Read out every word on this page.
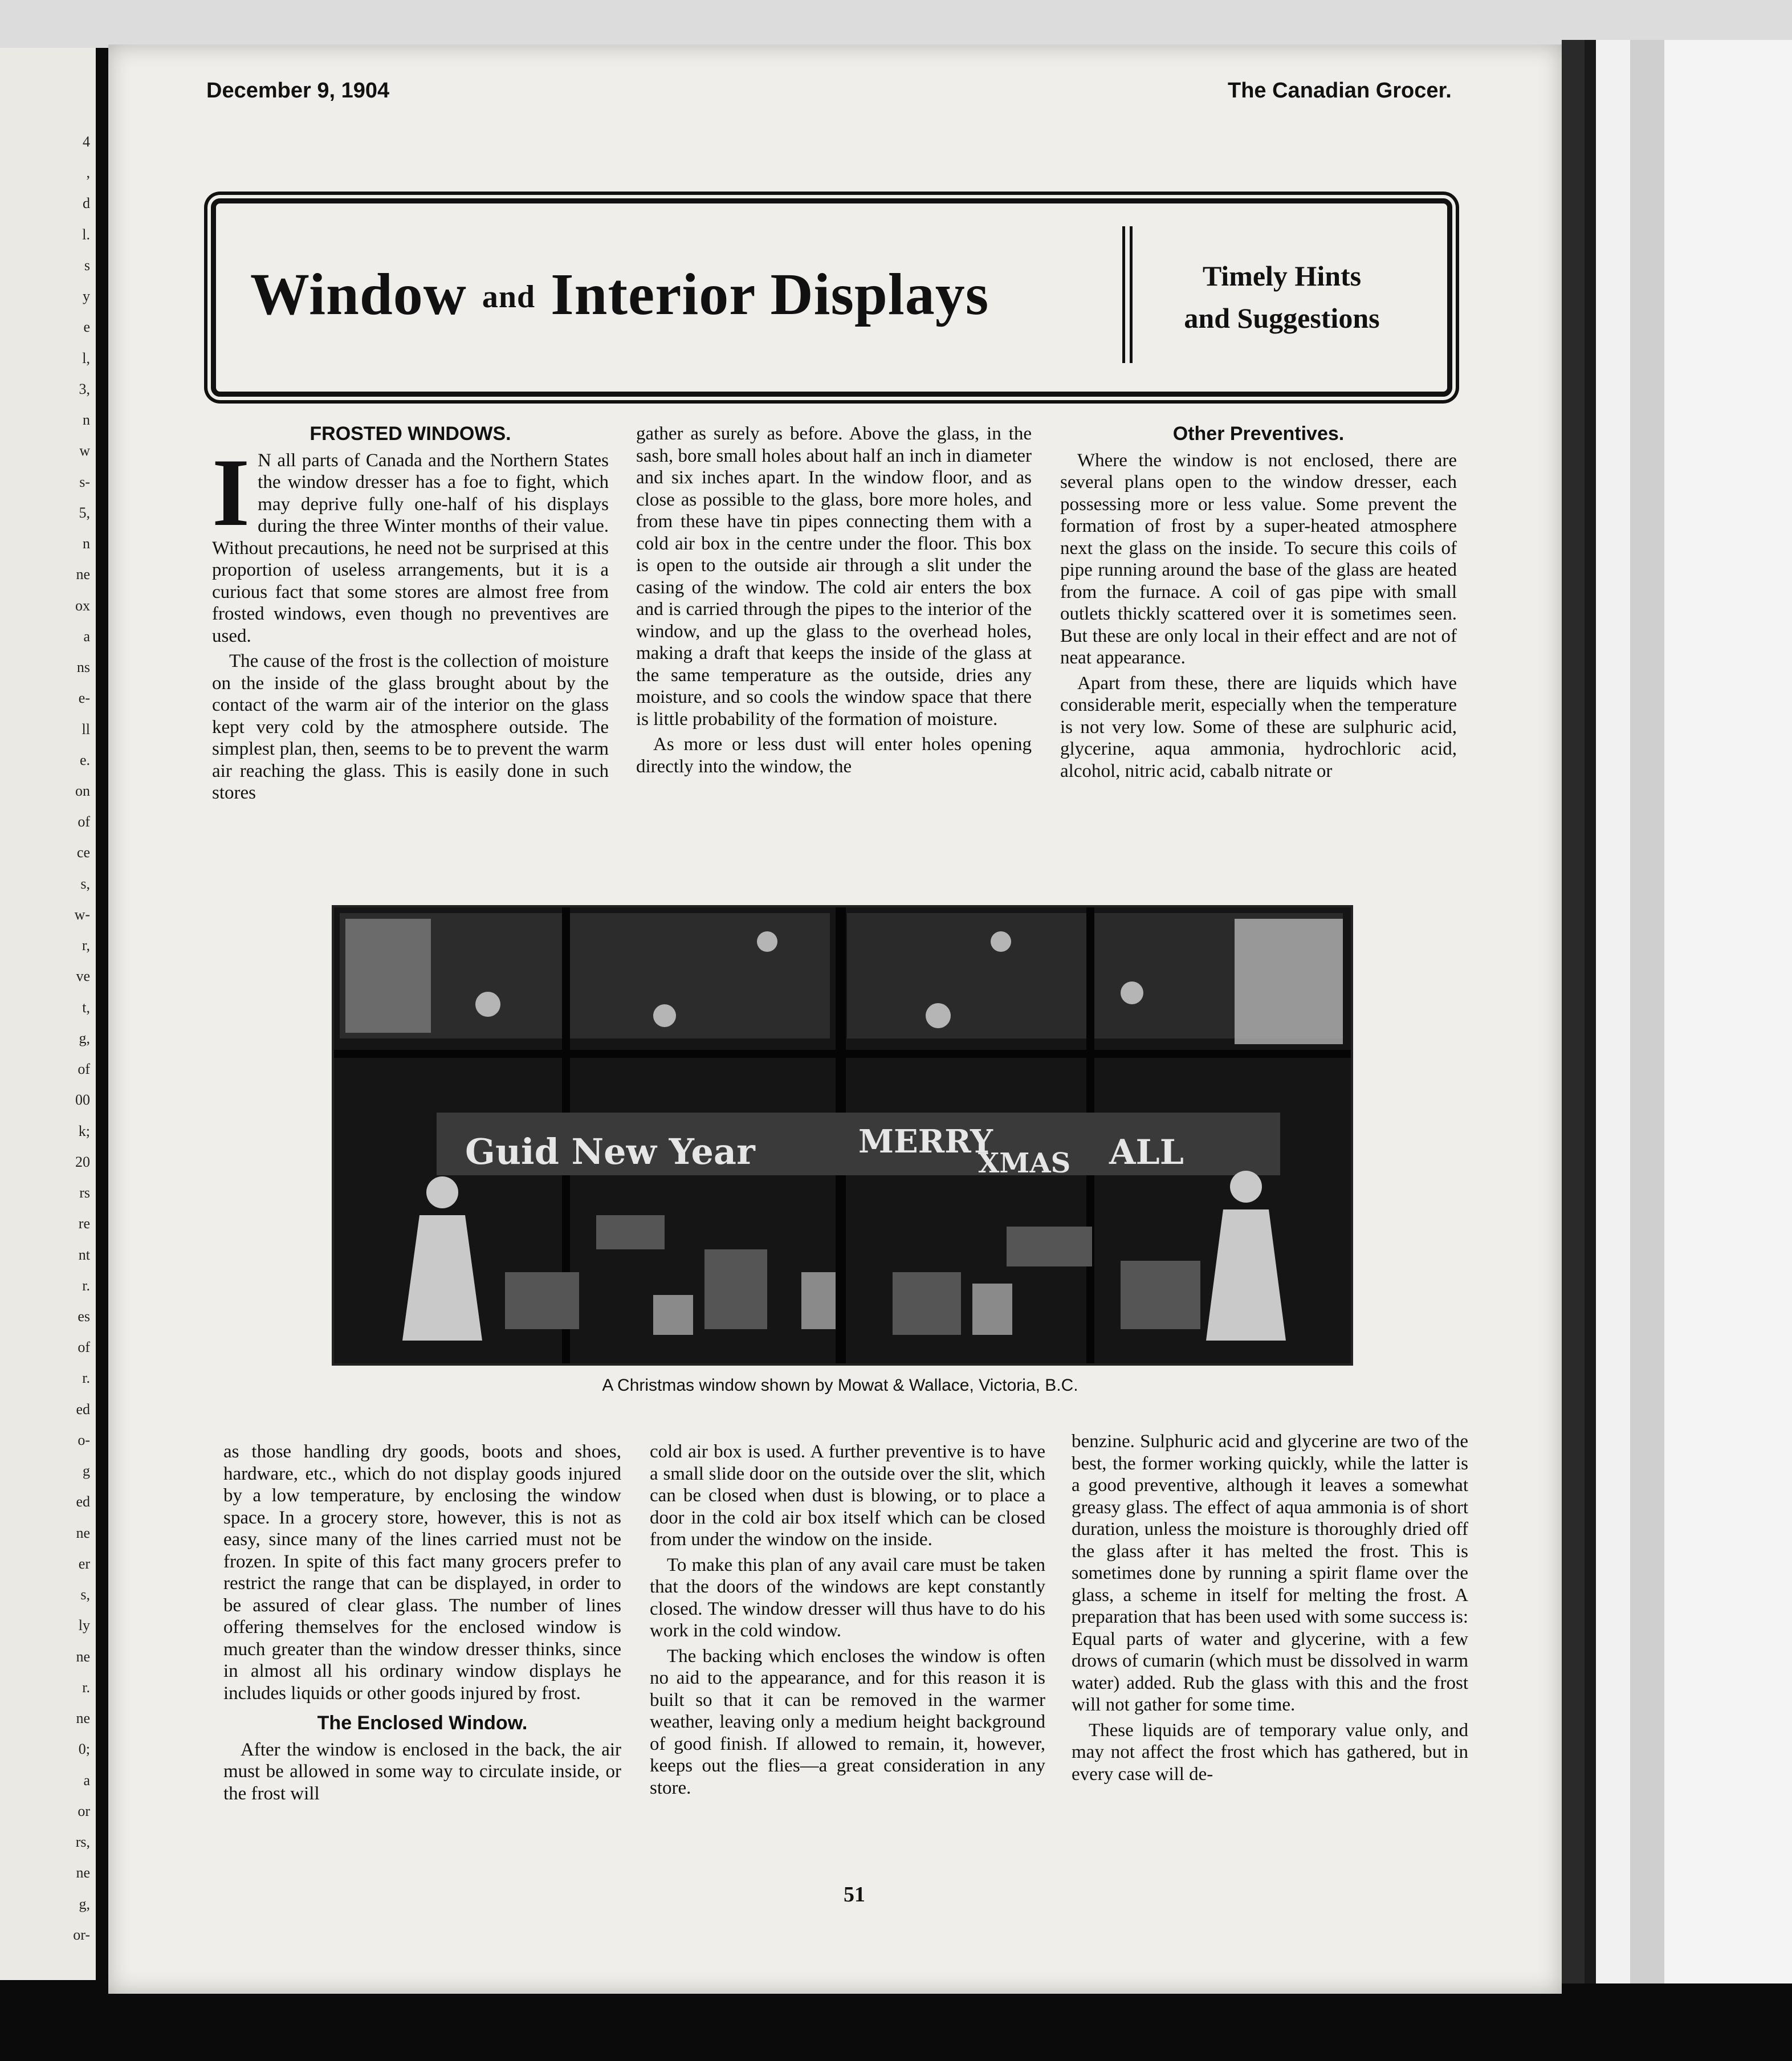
4
,
d
l.
s
y
e
l,
3,
n
w
s-
5,
n
ne
ox
a
ns
e-
ll
e.
on
of
ce
s,
w-
r,
ve
t,
g,
of
00
k;
20
rs
re
nt
r.
es
of
r.
ed
o-
g
ed
ne
er
s,
ly
ne
r.
ne
0;
a
or
rs,
ne
g,
or-
December 9, 1904	The Canadian Grocer.
Window and Interior Displays	Timely Hints
and Suggestions
FROSTED WINDOWS.

I N all parts of Canada and the Northern States the window dresser has a foe to fight, which may deprive fully one-half of his displays during the three Winter months of their value. Without precautions, he need not be surprised at this proportion of useless arrangements, but it is a curious fact that some stores are almost free from frosted windows, even though no preventives are used.

The cause of the frost is the collection of moisture on the inside of the glass brought about by the contact of the warm air of the interior on the glass kept very cold by the atmosphere outside. The simplest plan, then, seems to be to prevent the warm air reaching the glass. This is easily done in such stores

gather as surely as before. Above the glass, in the sash, bore small holes about half an inch in diameter and six inches apart. In the window floor, and as close as possible to the glass, bore more holes, and from these have tin pipes connecting them with a cold air box in the centre under the floor. This box is open to the outside air through a slit under the casing of the window. The cold air enters the box and is carried through the pipes to the interior of the window, and up the glass to the overhead holes, making a draft that keeps the inside of the glass at the same temperature as the outside, dries any moisture, and so cools the window space that there is little probability of the formation of moisture.

As more or less dust will enter holes opening directly into the window, the

Other Preventives.

Where the window is not enclosed, there are several plans open to the window dresser, each possessing more or less value. Some prevent the formation of frost by a super-heated atmosphere next the glass on the inside. To secure this coils of pipe running around the base of the glass are heated from the furnace. A coil of gas pipe with small outlets thickly scattered over it is sometimes seen. But these are only local in their effect and are not of neat appearance.

Apart from these, there are liquids which have considerable merit, especially when the temperature is not very low. Some of these are sulphuric acid, glycerine, aqua ammonia, hydrochloric acid, alcohol, nitric acid, cabalb nitrate or

Guid New Year	MERRY
XMAS ALL
A Christmas window shown by Mowat & Wallace, Victoria, B.C.

as those handling dry goods, boots and shoes, hardware, etc., which do not display goods injured by a low temperature, by enclosing the window space. In a grocery store, however, this is not as easy, since many of the lines carried must not be frozen. In spite of this fact many grocers prefer to restrict the range that can be displayed, in order to be assured of clear glass. The number of lines offering themselves for the enclosed window is much greater than the window dresser thinks, since in almost all his ordinary window displays he includes liquids or other goods injured by frost.

The Enclosed Window.

After the window is enclosed in the back, the air must be allowed in some way to circulate inside, or the frost will

cold air box is used. A further preventive is to have a small slide door on the outside over the slit, which can be closed when dust is blowing, or to place a door in the cold air box itself which can be closed from under the window on the inside.

To make this plan of any avail care must be taken that the doors of the windows are kept constantly closed. The window dresser will thus have to do his work in the cold window.

The backing which encloses the window is often no aid to the appearance, and for this reason it is built so that it can be removed in the warmer weather, leaving only a medium height background of good finish. If allowed to remain, it, however, keeps out the flies—a great consideration in any store.

benzine. Sulphuric acid and glycerine are two of the best, the former working quickly, while the latter is a good preventive, although it leaves a somewhat greasy glass. The effect of aqua ammonia is of short duration, unless the moisture is thoroughly dried off the glass after it has melted the frost. This is sometimes done by running a spirit flame over the glass, a scheme in itself for melting the frost. A preparation that has been used with some success is: Equal parts of water and glycerine, with a few drows of cumarin (which must be dissolved in warm water) added. Rub the glass with this and the frost will not gather for some time.

These liquids are of temporary value only, and may not affect the frost which has gathered, but in every case will de-

51
